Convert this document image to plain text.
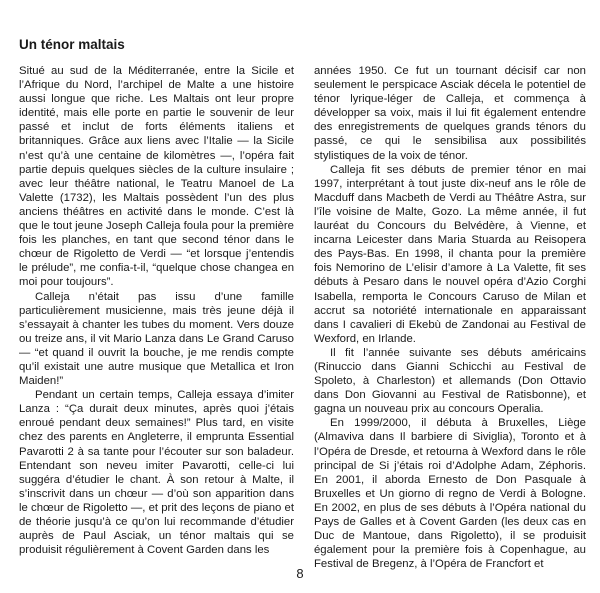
Un ténor maltais

Situé au sud de la Méditerranée, entre la Sicile et l’Afrique du Nord, l’archipel de Malte a une histoire aussi longue que riche. Les Maltais ont leur propre identité, mais elle porte en partie le souvenir de leur passé et inclut de forts éléments italiens et britanniques. Grâce aux liens avec l’Italie — la Sicile n’est qu’à une centaine de kilomètres —, l’opéra fait partie depuis quelques siècles de la culture insulaire ; avec leur théâtre national, le Teatru Manoel de La Valette (1732), les Maltais possèdent l’un des plus anciens théâtres en activité dans le monde. C’est là que le tout jeune Joseph Calleja foula pour la première fois les planches, en tant que second ténor dans le chœur de Rigoletto de Verdi — “et lorsque j’entendis le prélude”, me confia-t-il, “quelque chose changea en moi pour toujours”.

Calleja n’était pas issu d’une famille particulièrement musicienne, mais très jeune déjà il s’essayait à chanter les tubes du moment. Vers douze ou treize ans, il vit Mario Lanza dans Le Grand Caruso — “et quand il ouvrit la bouche, je me rendis compte qu’il existait une autre musique que Metallica et Iron Maiden!”

Pendant un certain temps, Calleja essaya d’imiter Lanza : “Ça durait deux minutes, après quoi j’étais enroué pendant deux semaines!” Plus tard, en visite chez des parents en Angleterre, il emprunta Essential Pavarotti 2 à sa tante pour l’écouter sur son baladeur. Entendant son neveu imiter Pavarotti, celle-ci lui suggéra d’étudier le chant. À son retour à Malte, il s’inscrivit dans un chœur — d’où son apparition dans le chœur de Rigoletto —, et prit des leçons de piano et de théorie jusqu’à ce qu’on lui recommande d’étudier auprès de Paul Asciak, un ténor maltais qui se produisit régulièrement à Covent Garden dans les

années 1950. Ce fut un tournant décisif car non seulement le perspicace Asciak décela le potentiel de ténor lyrique-léger de Calleja, et commença à développer sa voix, mais il lui fit également entendre des enregistrements de quelques grands ténors du passé, ce qui le sensibilisa aux possibilités stylistiques de la voix de ténor.

Calleja fit ses débuts de premier ténor en mai 1997, interprétant à tout juste dix-neuf ans le rôle de Macduff dans Macbeth de Verdi au Théâtre Astra, sur l’île voisine de Malte, Gozo. La même année, il fut lauréat du Concours du Belvédère, à Vienne, et incarna Leicester dans Maria Stuarda au Reisopera des Pays-Bas. En 1998, il chanta pour la première fois Nemorino de L’elisir d’amore à La Valette, fit ses débuts à Pesaro dans le nouvel opéra d’Azio Corghi Isabella, remporta le Concours Caruso de Milan et accrut sa notoriété internationale en apparaissant dans I cavalieri di Ekebù de Zandonai au Festival de Wexford, en Irlande.

Il fit l’année suivante ses débuts américains (Rinuccio dans Gianni Schicchi au Festival de Spoleto, à Charleston) et allemands (Don Ottavio dans Don Giovanni au Festival de Ratisbonne), et gagna un nouveau prix au concours Operalia.

En 1999/2000, il débuta à Bruxelles, Liège (Almaviva dans Il barbiere di Siviglia), Toronto et à l’Opéra de Dresde, et retourna à Wexford dans le rôle principal de Si j’étais roi d’Adolphe Adam, Zéphoris. En 2001, il aborda Ernesto de Don Pasquale à Bruxelles et Un giorno di regno de Verdi à Bologne. En 2002, en plus de ses débuts à l’Opéra national du Pays de Galles et à Covent Garden (les deux cas en Duc de Mantoue, dans Rigoletto), il se produisit également pour la première fois à Copenhague, au Festival de Bregenz, à l’Opéra de Francfort et

8
